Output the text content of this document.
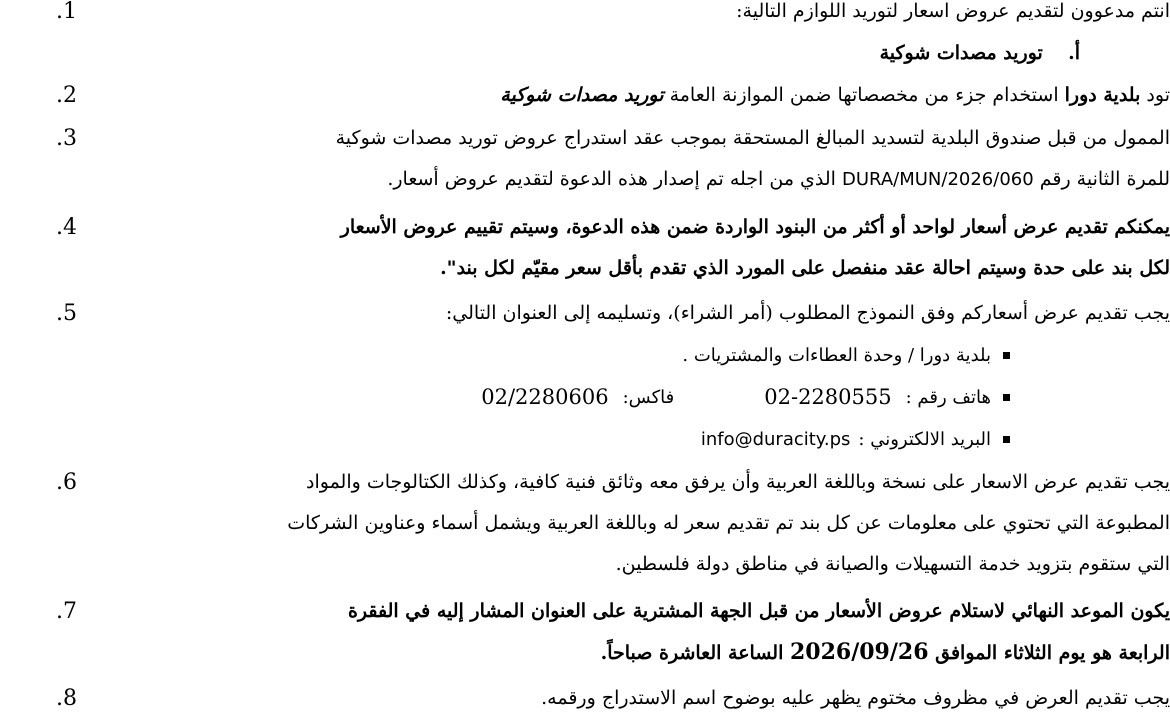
انتم مدعوون لتقديم عروض اسعار لتوريد اللوازم التالية:
.1
أ.  توريد مصدات شوكية
تود بلدية دورا استخدام جزء من مخصصاتها ضمن الموازنة العامة توريد مصدات شوكية
.2
الممول من قبل صندوق البلدية لتسديد المبالغ المستحقة بموجب عقد استدراج عروض توريد مصدات شوكية
للمرة الثانية رقم DURA/MUN/2026/060 الذي من اجله تم إصدار هذه الدعوة لتقديم عروض أسعار.
.3
يمكنكم تقديم عرض أسعار لواحد أو أكثر من البنود الواردة ضمن هذه الدعوة، وسيتم تقييم عروض الأسعار
لكل بند على حدة وسيتم احالة عقد منفصل على المورد الذي تقدم بأقل سعر مقيّم لكل بند".
.4
يجب تقديم عرض أسعاركم وفق النموذج المطلوب (أمر الشراء)، وتسليمه إلى العنوان التالي:
.5
بلدية دورا / وحدة العطاءات والمشتريات .
هاتف رقم :
02-2280555
فاكس:
02/2280606
البريد الالكتروني :
info@duracity.ps
يجب تقديم عرض الاسعار على نسخة وباللغة العربية وأن يرفق معه وثائق فنية كافية، وكذلك الكتالوجات والمواد
المطبوعة التي تحتوي على معلومات عن كل بند تم تقديم سعر له وباللغة العربية ويشمل أسماء وعناوين الشركات
التي ستقوم بتزويد خدمة التسهيلات والصيانة في مناطق دولة فلسطين.
.6
يكون الموعد النهائي لاستلام عروض الأسعار من قبل الجهة المشترية على العنوان المشار إليه في الفقرة
الرابعة هو يوم الثلاثاء الموافق 2026/09/26 الساعة العاشرة صباحاً.
.7
يجب تقديم العرض في مظروف مختوم يظهر عليه بوضوح اسم الاستدراج ورقمه.
.8
